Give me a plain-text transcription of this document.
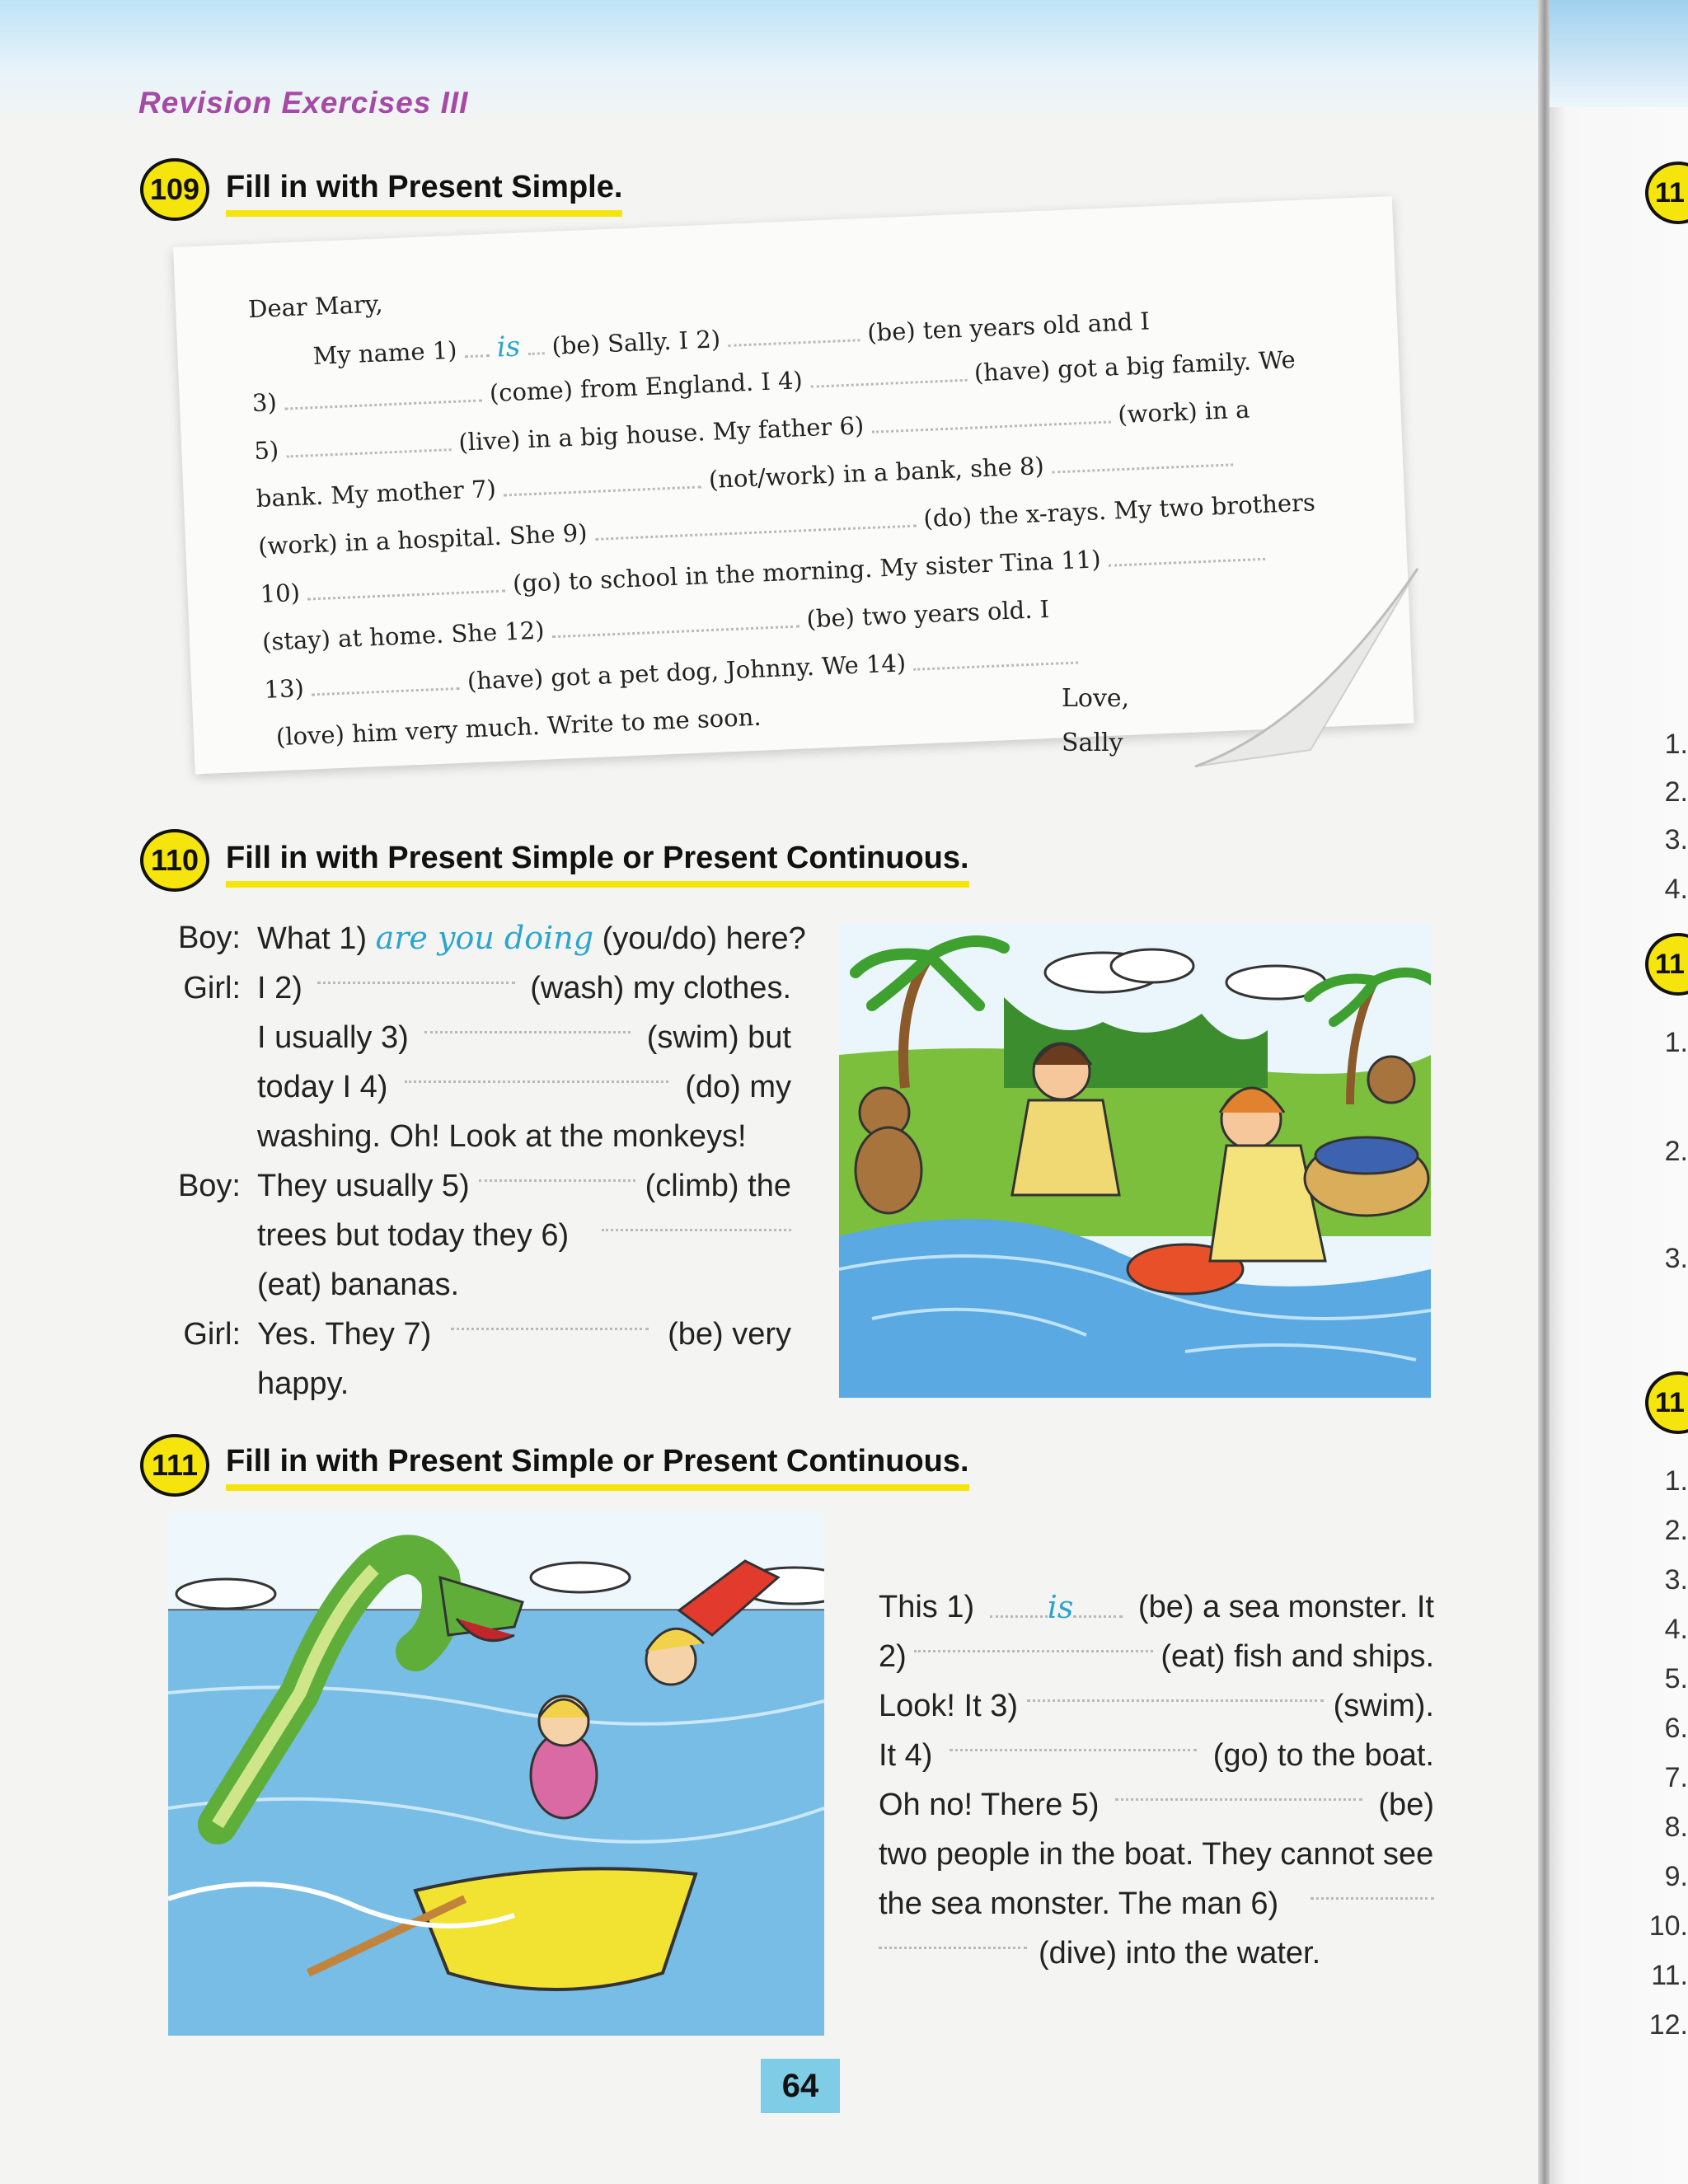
Revision Exercises III
109 Fill in with Present Simple.
Dear Mary,
My name 1) is (be) Sally. I 2)	(be) ten years old and I
3)	(come) from England. I 4)	(have) got a big family. We
5)	(live) in a big house. My father 6)	(work) in a
bank. My mother 7)	(not/work) in a bank, she 8)
(work) in a hospital. She 9)  (do) the x-rays. My two brothers
10)	(go) to school in the morning. My sister Tina 11)
(stay) at home. She 12)  (be) two years old. I
13)	(have) got a pet dog, Johnny. We 14)
(love) him very much. Write to me soon.
Love,
Sally
110 Fill in with Present Simple or Present Continuous.
Boy: What 1) are you doing (you/do) here?
Girl: I 2)	(wash) my clothes.
I usually 3)	(swim) but
today I 4)	(do) my
washing. Oh! Look at the monkeys!
Boy: They usually 5)	(climb) the
trees but today they 6)
(eat) bananas.
Girl: Yes. They 7)	(be) very
happy.
111 Fill in with Present Simple or Present Continuous.
This 1) is (be) a sea monster. It
2)	(eat) fish and ships.
Look! It 3)	(swim).
It 4)	(go) to the boat.
Oh no! There 5)	(be)
two people in the boat. They cannot see
the sea monster. The man 6)
(dive) into the water.
64
11
1.
2.
3.
4.
11
1.
2.
3.
11
1.
2.
3.
4.
5.
6.
7.
8.
9.
10.
11.
12.
